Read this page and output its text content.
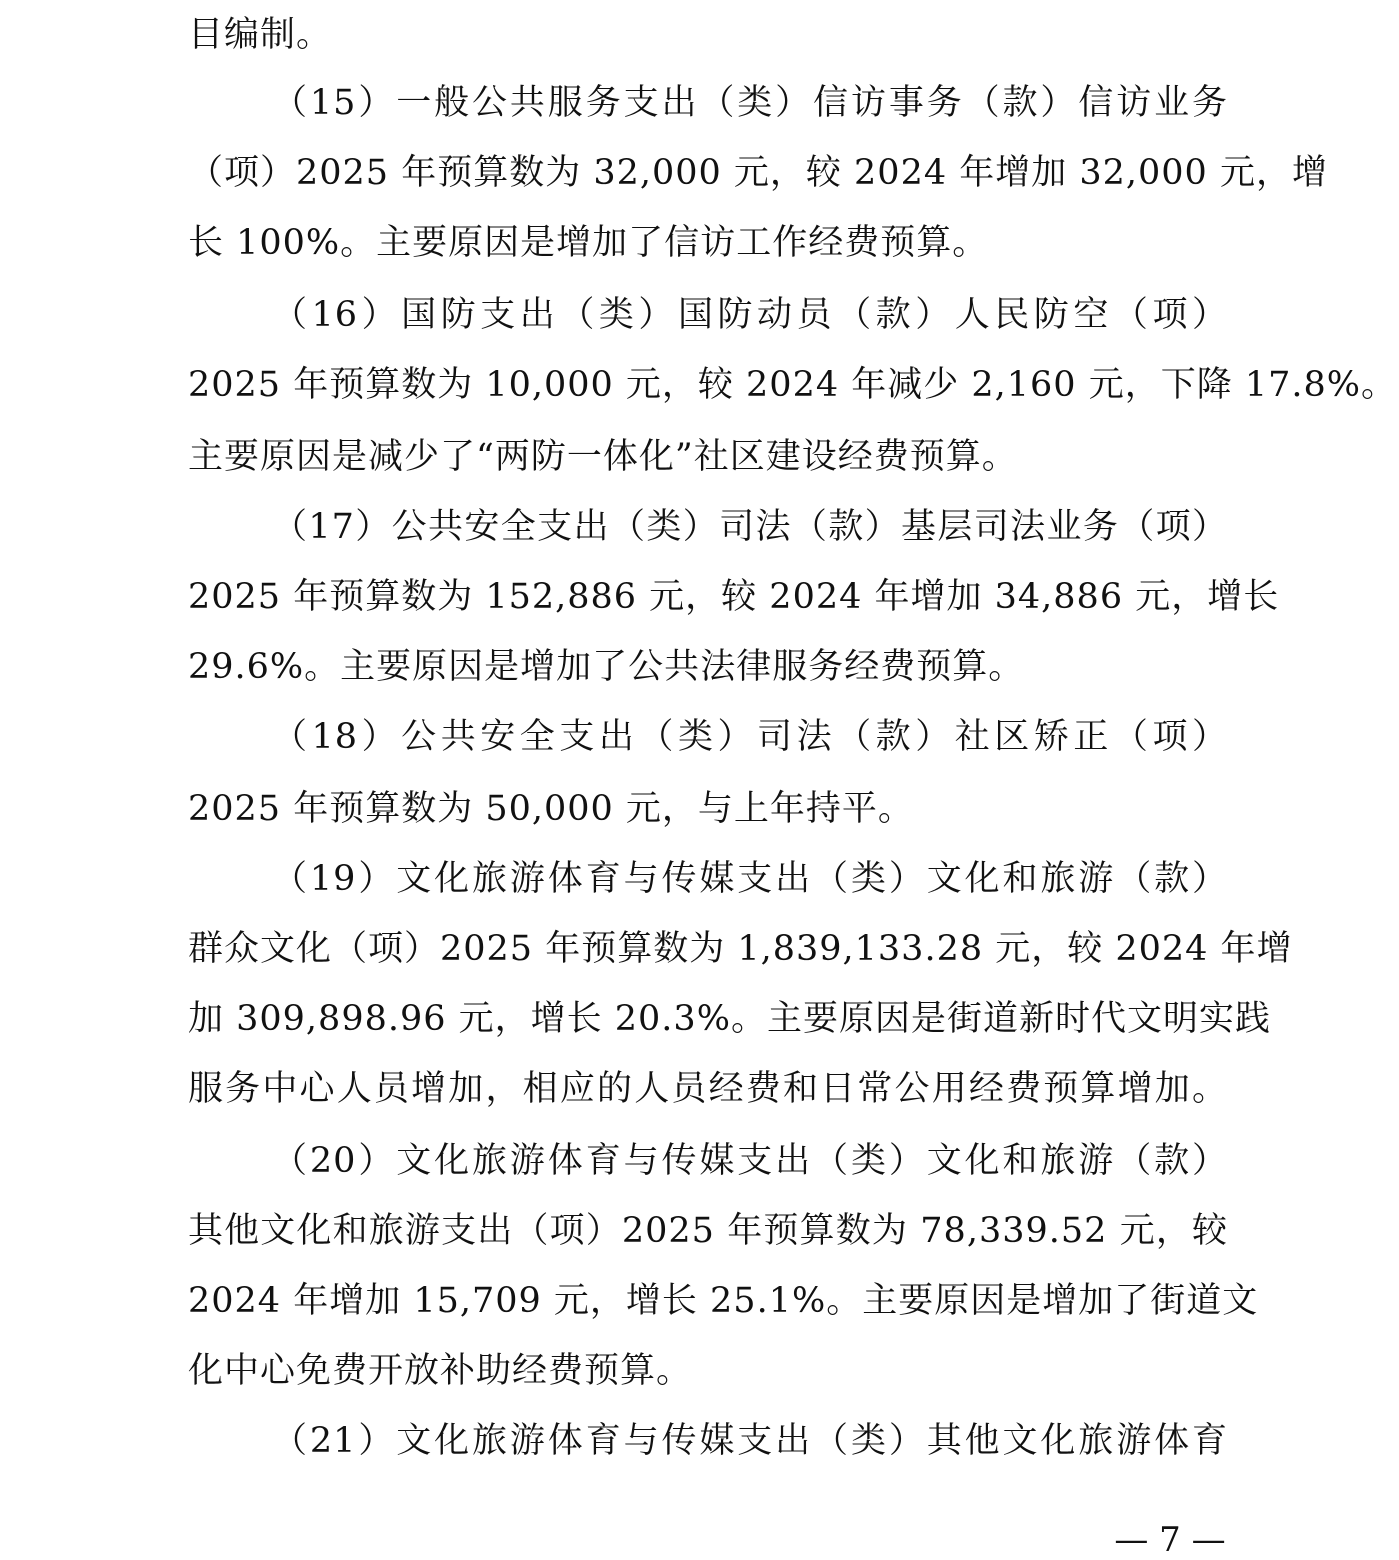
目编制。
（15）一般公共服务支出（类）信访事务（款）信访业务
（项）2025 年预算数为 32,000 元，较 2024 年增加 32,000 元，增
长 100%。主要原因是增加了信访工作经费预算。
（16）国防支出（类）国防动员（款）人民防空（项）
2025 年预算数为 10,000 元，较 2024 年减少 2,160 元，下降 17.8%。
主要原因是减少了“两防一体化”社区建设经费预算。
（17）公共安全支出（类）司法（款）基层司法业务（项）
2025 年预算数为 152,886 元，较 2024 年增加 34,886 元，增长
29.6%。主要原因是增加了公共法律服务经费预算。
（18）公共安全支出（类）司法（款）社区矫正（项）
2025 年预算数为 50,000 元，与上年持平。
（19）文化旅游体育与传媒支出（类）文化和旅游（款）
群众文化（项）2025 年预算数为 1,839,133.28 元，较 2024 年增
加 309,898.96 元，增长 20.3%。主要原因是街道新时代文明实践
服务中心人员增加，相应的人员经费和日常公用经费预算增加。
（20）文化旅游体育与传媒支出（类）文化和旅游（款）
其他文化和旅游支出（项）2025 年预算数为 78,339.52 元，较
2024 年增加 15,709 元，增长 25.1%。主要原因是增加了街道文
化中心免费开放补助经费预算。
（21）文化旅游体育与传媒支出（类）其他文化旅游体育
— 7 —
